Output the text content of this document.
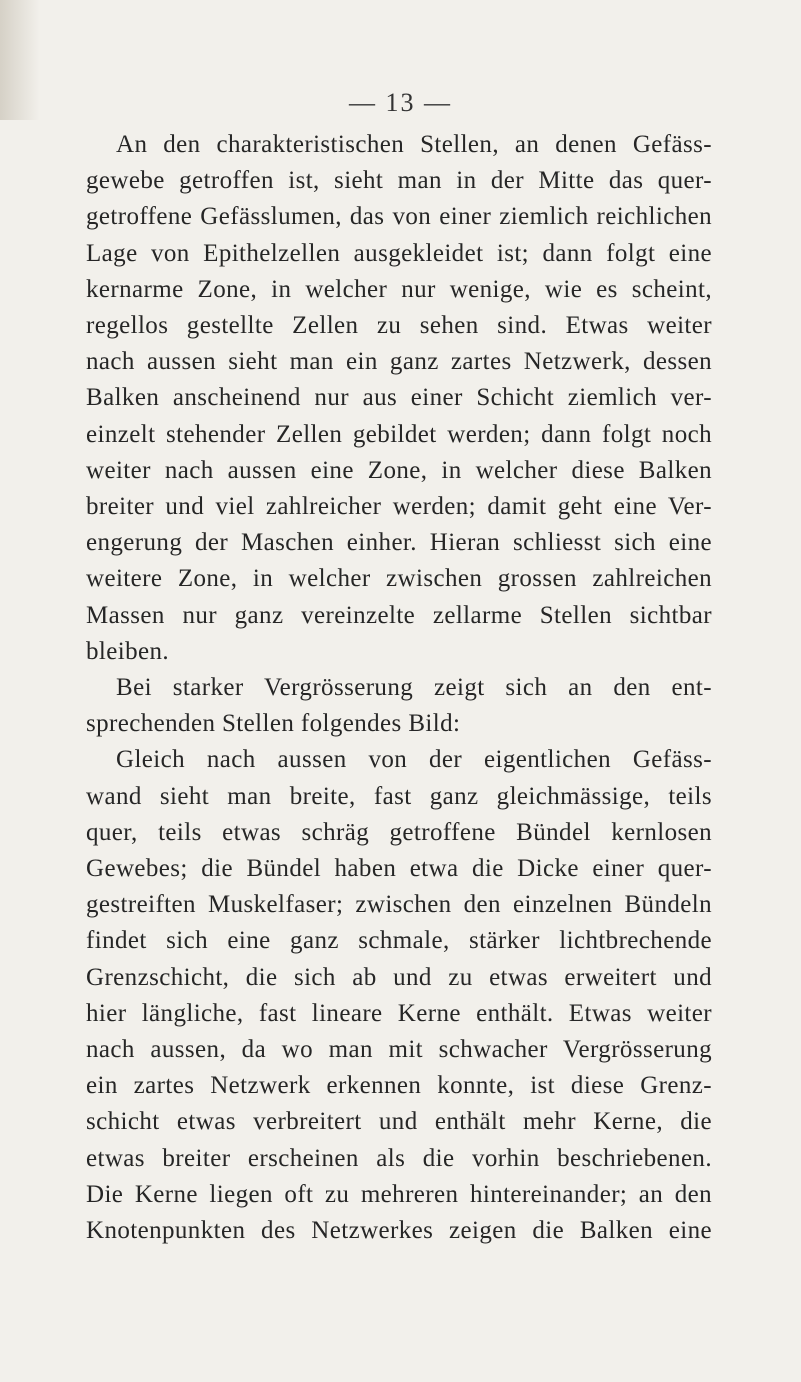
— 13 —
An den charakteristischen Stellen, an denen Gefäss-
gewebe getroffen ist, sieht man in der Mitte das quer-
getroffene Gefässlumen, das von einer ziemlich reichlichen
Lage von Epithelzellen ausgekleidet ist; dann folgt eine
kernarme Zone, in welcher nur wenige, wie es scheint,
regellos gestellte Zellen zu sehen sind. Etwas weiter
nach aussen sieht man ein ganz zartes Netzwerk, dessen
Balken anscheinend nur aus einer Schicht ziemlich ver-
einzelt stehender Zellen gebildet werden; dann folgt noch
weiter nach aussen eine Zone, in welcher diese Balken
breiter und viel zahlreicher werden; damit geht eine Ver-
engerung der Maschen einher. Hieran schliesst sich eine
weitere Zone, in welcher zwischen grossen zahlreichen
Massen nur ganz vereinzelte zellarme Stellen sichtbar
bleiben.
Bei starker Vergrösserung zeigt sich an den ent-
sprechenden Stellen folgendes Bild:
Gleich nach aussen von der eigentlichen Gefäss-
wand sieht man breite, fast ganz gleichmässige, teils
quer, teils etwas schräg getroffene Bündel kernlosen
Gewebes; die Bündel haben etwa die Dicke einer quer-
gestreiften Muskelfaser; zwischen den einzelnen Bündeln
findet sich eine ganz schmale, stärker lichtbrechende
Grenzschicht, die sich ab und zu etwas erweitert und
hier längliche, fast lineare Kerne enthält. Etwas weiter
nach aussen, da wo man mit schwacher Vergrösserung
ein zartes Netzwerk erkennen konnte, ist diese Grenz-
schicht etwas verbreitert und enthält mehr Kerne, die
etwas breiter erscheinen als die vorhin beschriebenen.
Die Kerne liegen oft zu mehreren hintereinander; an den
Knotenpunkten des Netzwerkes zeigen die Balken eine
